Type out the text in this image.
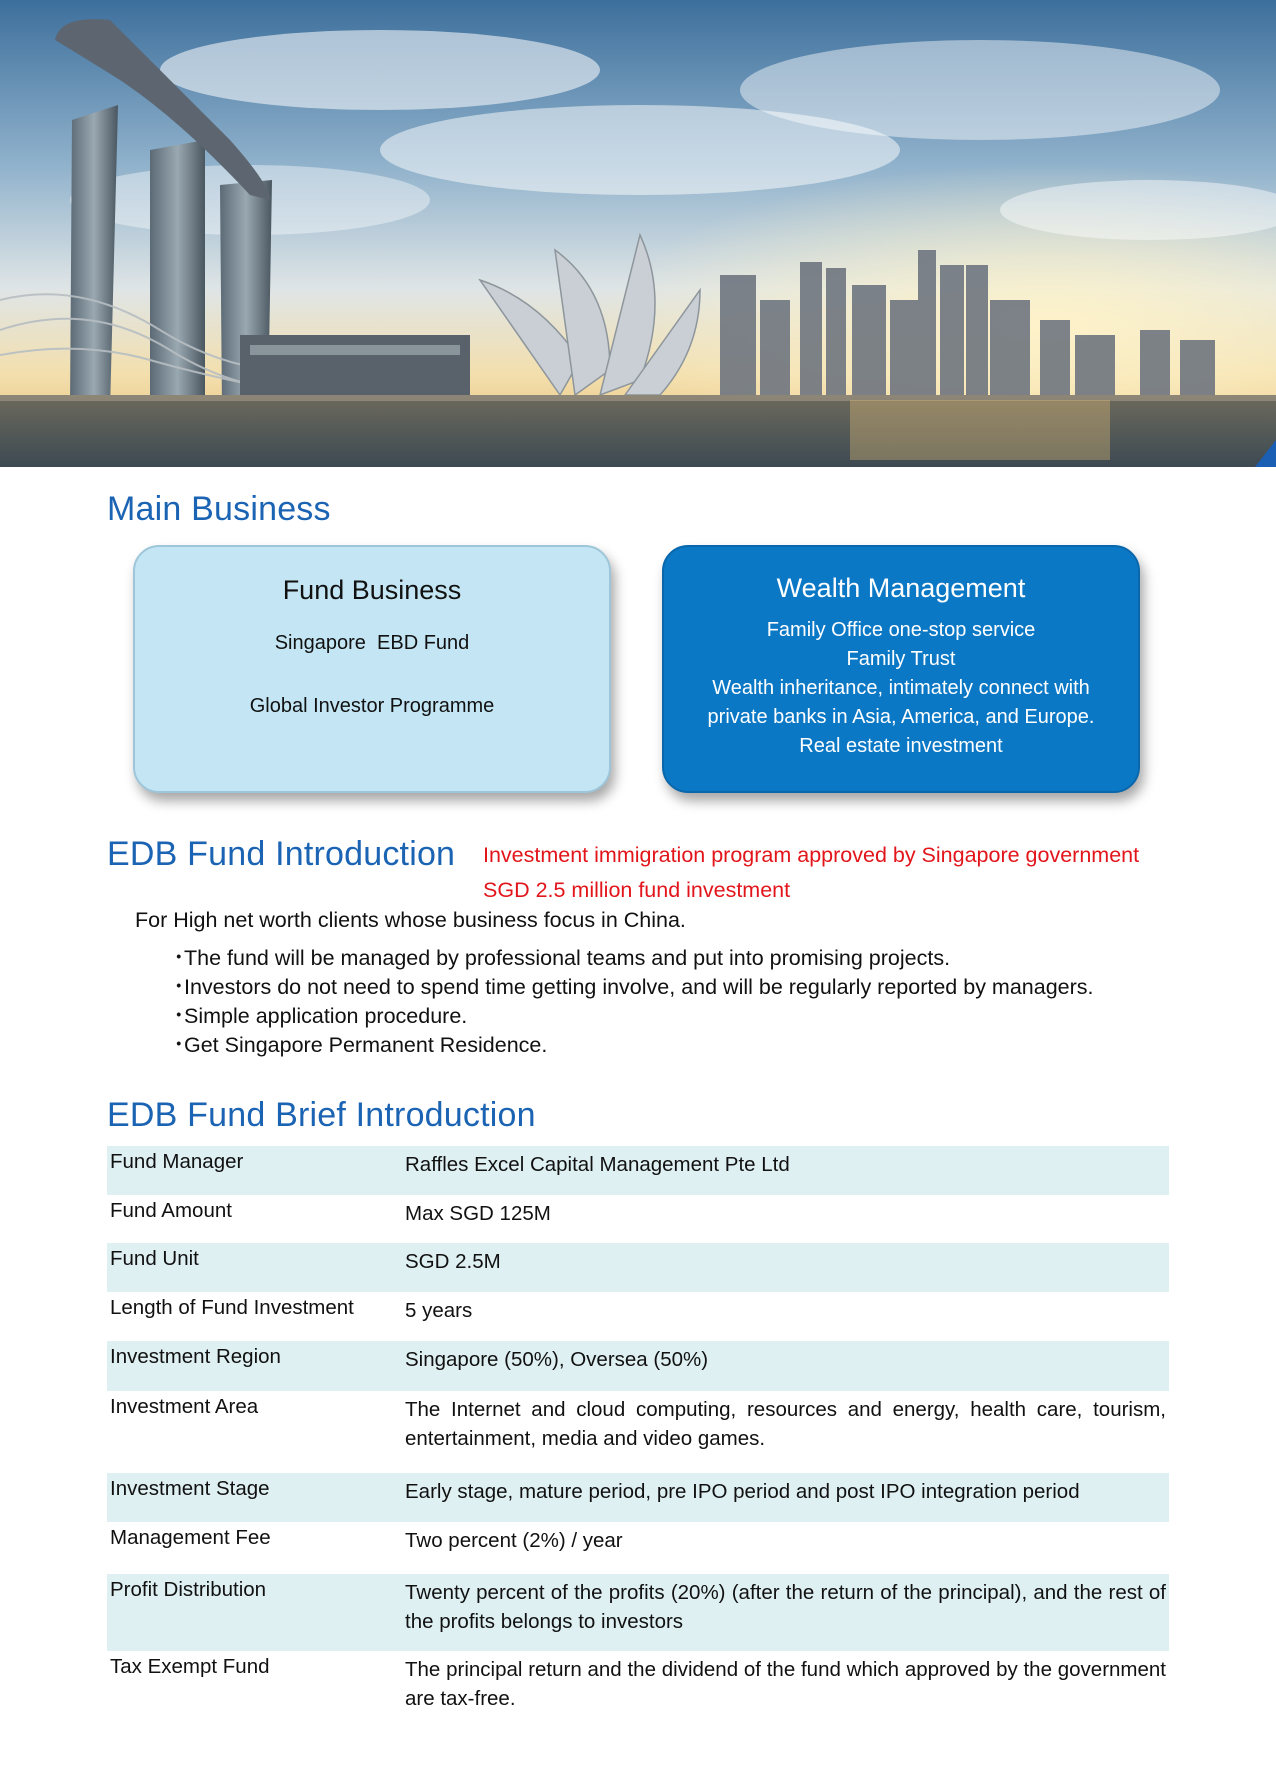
Main Business
Fund Business
Singapore  EBD Fund
Global Investor Programme
Wealth Management
Family Office one-stop service
Family Trust
Wealth inheritance, intimately connect with
private banks in Asia, America, and Europe.
Real estate investment
EDB Fund Introduction Investment immigration program approved by Singapore government
SGD 2.5 million fund investment
For High net worth clients whose business focus in China.
・The fund will be managed by professional teams and put into promising projects.
・Investors do not need to spend time getting involve, and will be regularly reported by managers.
・Simple application procedure.
・Get Singapore Permanent Residence.
EDB Fund Brief Introduction
Fund Manager	Raffles Excel Capital Management Pte Ltd
Fund Amount	Max SGD 125M
Fund Unit	SGD 2.5M
Length of Fund Investment 5 years
Investment Region	Singapore (50%), Oversea (50%)
Investment Area	The Internet and cloud computing, resources and energy, health care, tourism, entertainment, media and video games.
Investment Stage	Early stage, mature period, pre IPO period and post IPO integration period
Management Fee	Two percent (2%) / year
Profit Distribution	Twenty percent of the profits (20%) (after the return of the principal), and the rest of the profits belongs to investors
Tax Exempt Fund	The principal return and the dividend of the fund which approved by the government are tax-free.
